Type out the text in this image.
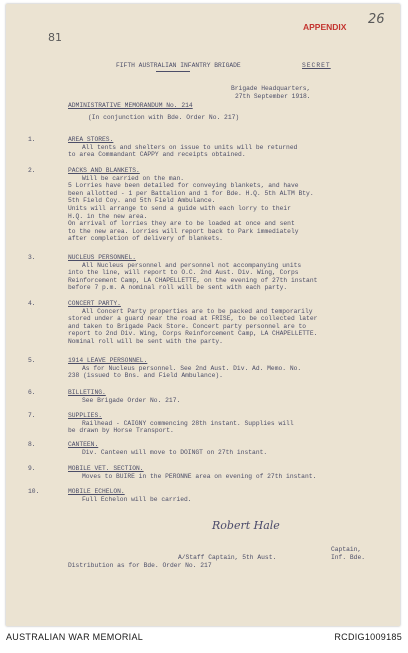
81
APPENDIX 26
FIFTH AUSTRALIAN INFANTRY BRIGADE	SECRET
Brigade Headquarters,
27th September 1918.
ADMINISTRATIVE MEMORANDUM No. 214
(In conjunction with Bde. Order No. 217)
1.	AREA STORES.
All tents and shelters on issue to units will be returned
to area Commandant CAPPY and receipts obtained.
2.	PACKS AND BLANKETS.
Will be carried on the man.
5 Lorries have been detailed for conveying blankets, and have
been allotted - 1 per Battalion and 1 for Bde. H.Q. 5th ALTM Bty.
5th Field Coy. and 5th Field Ambulance.
Units will arrange to send a guide with each lorry to their
H.Q. in the new area.
On arrival of lorries they are to be loaded at once and sent
to the new area. Lorries will report back to Park immediately
after completion of delivery of blankets.
3.	NUCLEUS PERSONNEL.
All Nucleus personnel and personnel not accompanying units
into the line, will report to O.C. 2nd Aust. Div. Wing, Corps
Reinforcement Camp, LA CHAPELLETTE, on the evening of 27th instant
before 7 p.m. A nominal roll will be sent with each party.
4.	CONCERT PARTY.
All Concert Party properties are to be packed and temporarily
stored under a guard near the road at FRISE, to be collected later
and taken to Brigade Pack Store. Concert party personnel are to
report to 2nd Div. Wing, Corps Reinforcement Camp, LA CHAPELLETTE.
Nominal roll will be sent with the party.
5.	1914 LEAVE PERSONNEL.
As for Nucleus personnel. See 2nd Aust. Div. Ad. Memo. No.
238 (issued to Bns. and Field Ambulance).
6.	BILLETING.
See Brigade Order No. 217.
7.	SUPPLIES.
Railhead - CAIGNY commencing 28th instant. Supplies will
be drawn by Horse Transport.
8.	CANTEEN.
Div. Canteen will move to DOINGT on 27th instant.
9.	MOBILE VET. SECTION.
Moves to BUIRE in the PERONNE area on evening of 27th instant.
10.	MOBILE ECHELON.
Full Echelon will be carried.
Robert Hale
Captain,
A/Staff Captain, 5th Aust.	Inf. Bde.
Distribution as for Bde. Order No. 217
AUSTRALIAN WAR MEMORIAL	RCDIG1009185
